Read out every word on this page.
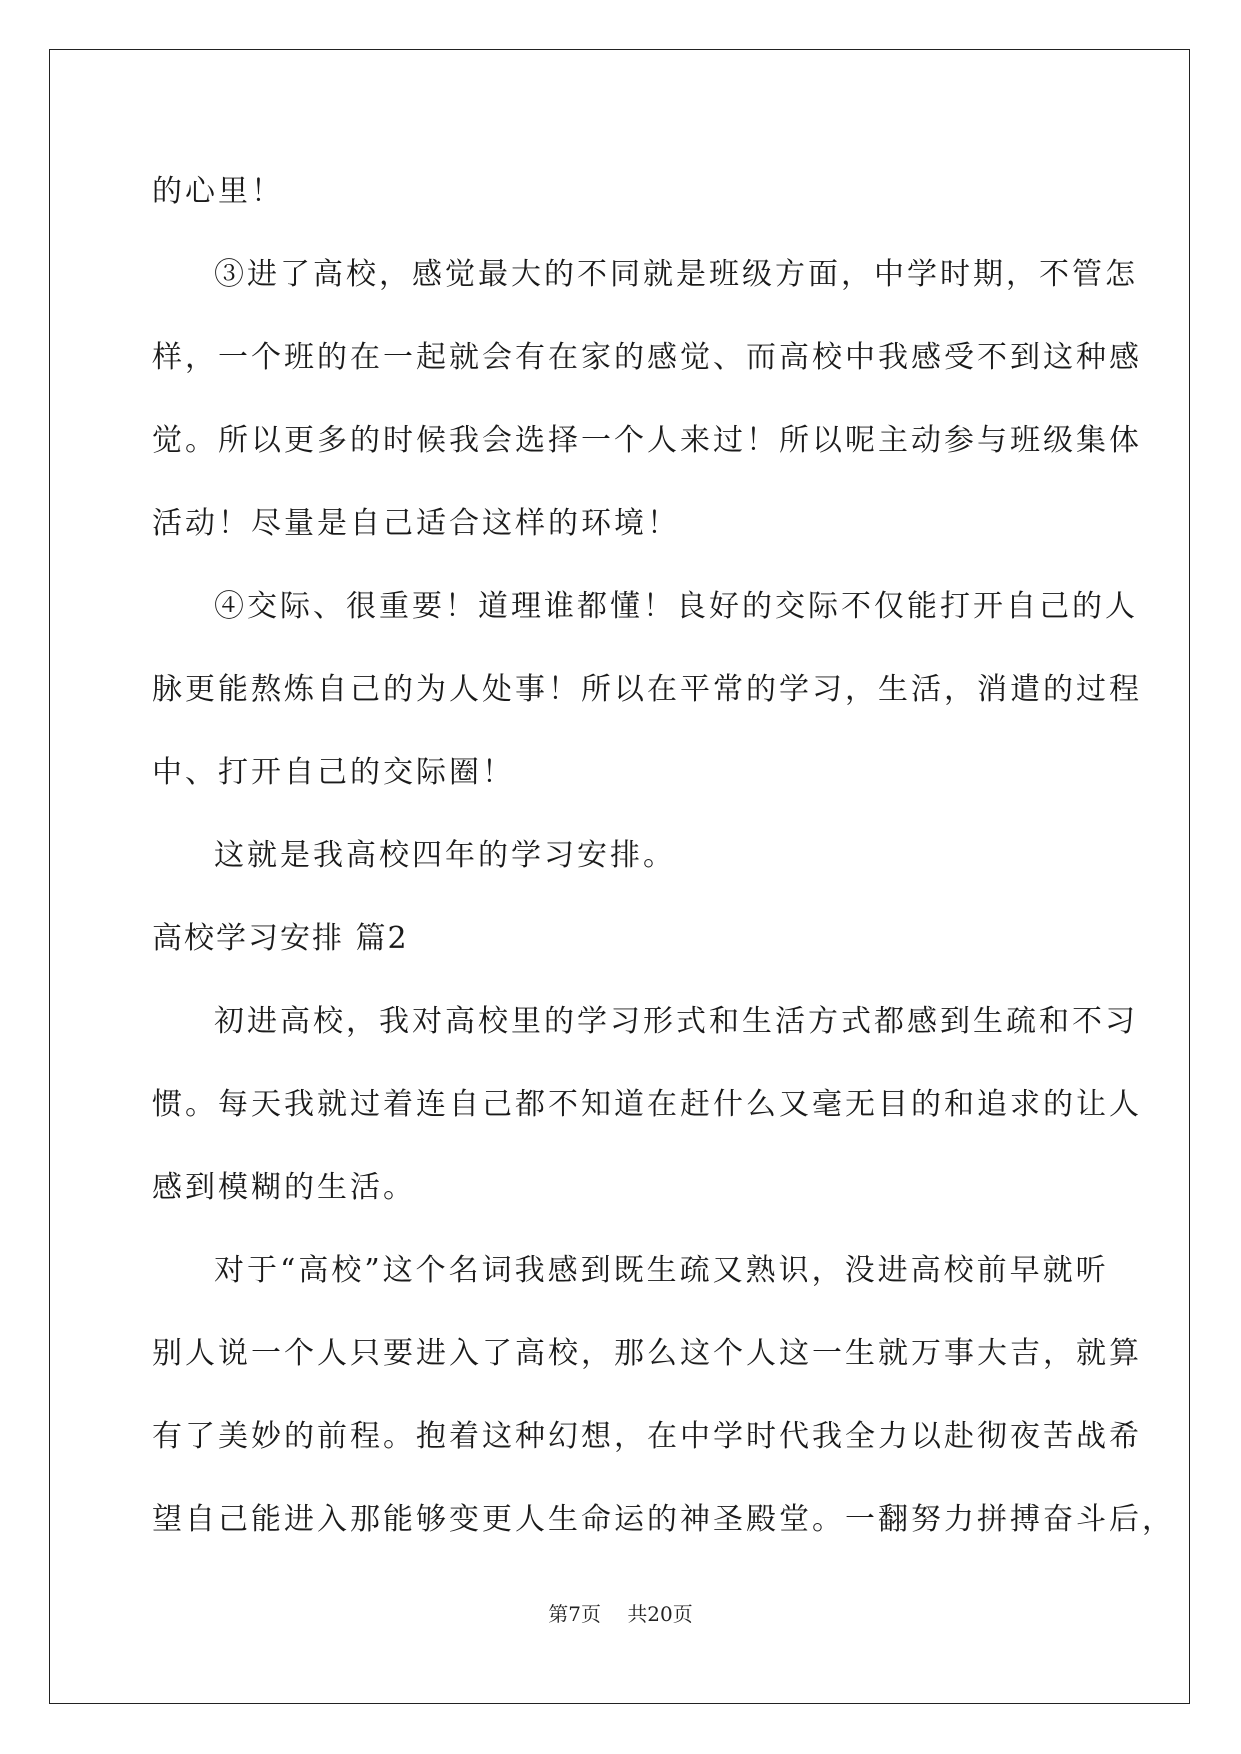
的心里！
③进了高校，感觉最大的不同就是班级方面，中学时期，不管怎
样，一个班的在一起就会有在家的感觉、而高校中我感受不到这种感
觉。所以更多的时候我会选择一个人来过！所以呢主动参与班级集体
活动！尽量是自己适合这样的环境！
④交际、很重要！道理谁都懂！良好的交际不仅能打开自己的人
脉更能熬炼自己的为人处事！所以在平常的学习，生活，消遣的过程
中、打开自己的交际圈！
这就是我高校四年的学习安排。
高校学习安排 篇2
初进高校，我对高校里的学习形式和生活方式都感到生疏和不习
惯。每天我就过着连自己都不知道在赶什么又毫无目的和追求的让人
感到模糊的生活。
对于“高校”这个名词我感到既生疏又熟识，没进高校前早就听
别人说一个人只要进入了高校，那么这个人这一生就万事大吉，就算
有了美妙的前程。抱着这种幻想，在中学时代我全力以赴彻夜苦战希
望自己能进入那能够变更人生命运的神圣殿堂。一翻努力拼搏奋斗后，
第7页 共20页
